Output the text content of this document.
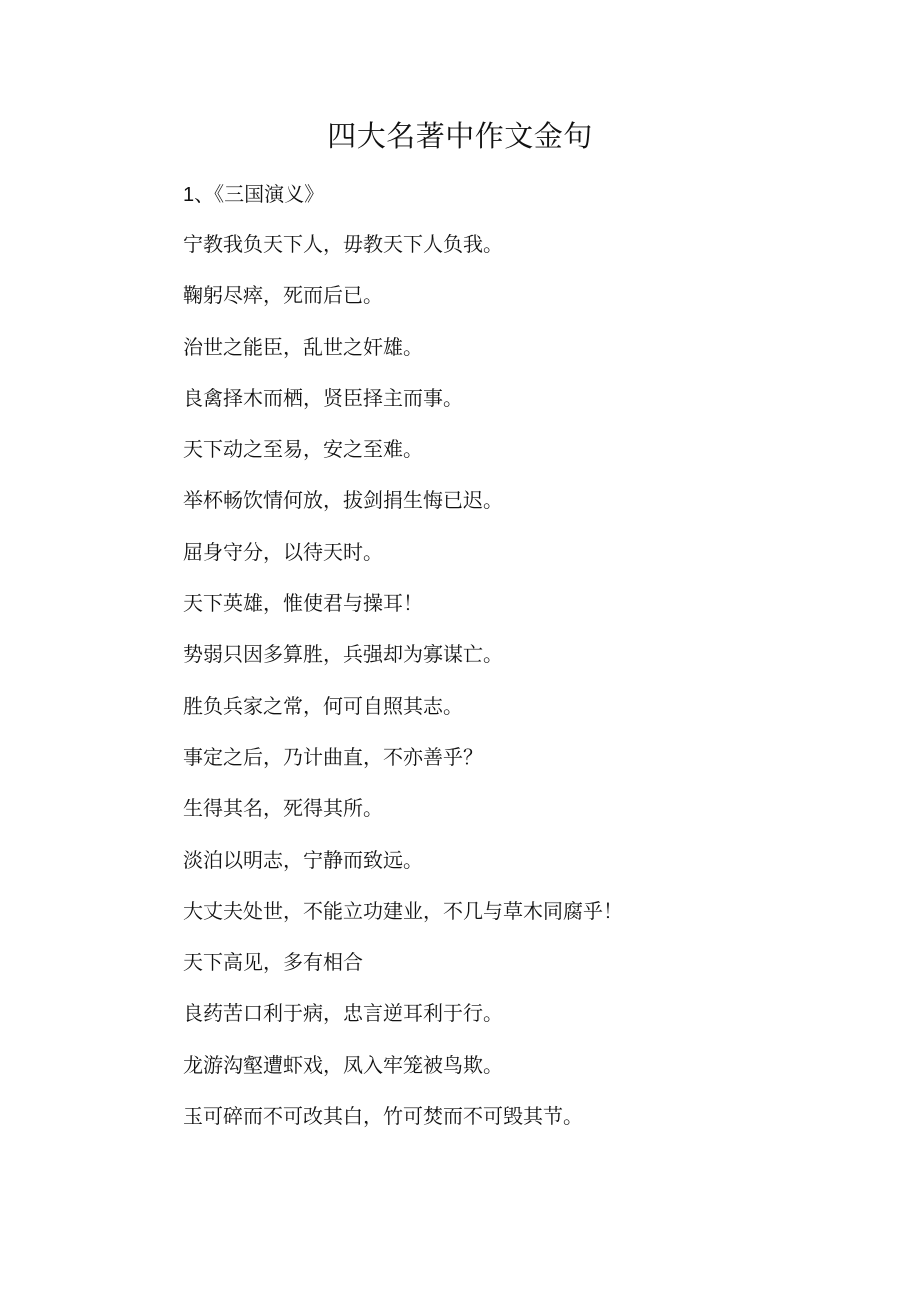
四大名著中作文金句
1、《三国演义》
宁教我负天下人，毋教天下人负我。
鞠躬尽瘁，死而后已。
治世之能臣，乱世之奸雄。
良禽择木而栖，贤臣择主而事。
天下动之至易，安之至难。
举杯畅饮情何放，拔剑捐生悔已迟。
屈身守分，以待天时。
天下英雄，惟使君与操耳！
势弱只因多算胜，兵强却为寡谋亡。
胜负兵家之常，何可自照其志。
事定之后，乃计曲直，不亦善乎？
生得其名，死得其所。
淡泊以明志，宁静而致远。
大丈夫处世，不能立功建业，不几与草木同腐乎！
天下高见，多有相合
良药苦口利于病，忠言逆耳利于行。
龙游沟壑遭虾戏，凤入牢笼被鸟欺。
玉可碎而不可改其白，竹可焚而不可毁其节。
